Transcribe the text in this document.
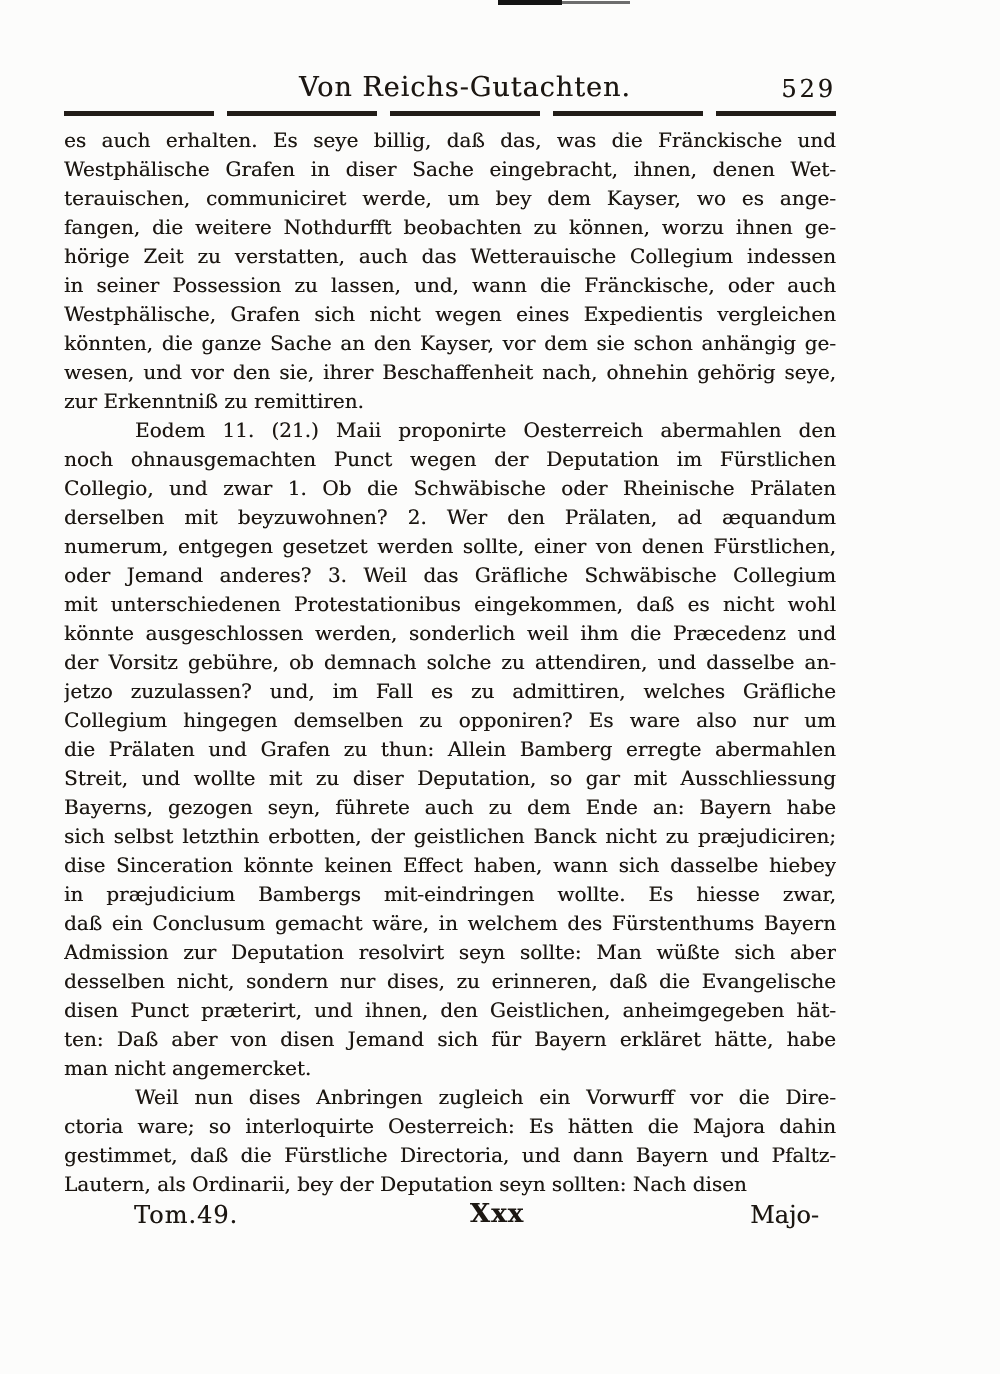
Von Reichs-Gutachten.	529
es auch erhalten. Es seye billig, daß das, was die Fränckische und
Westphälische Grafen in diser Sache eingebracht, ihnen, denen Wet-
terauischen, communiciret werde, um bey dem Kayser, wo es ange-
fangen, die weitere Nothdurfft beobachten zu können, worzu ihnen ge-
hörige Zeit zu verstatten, auch das Wetterauische Collegium indessen
in seiner Possession zu lassen, und, wann die Fränckische, oder auch
Westphälische, Grafen sich nicht wegen eines Expedientis vergleichen
könnten, die ganze Sache an den Kayser, vor dem sie schon anhängig ge-
wesen, und vor den sie, ihrer Beschaffenheit nach, ohnehin gehörig seye,
zur Erkenntniß zu remittiren.
Eodem 11. (21.) Maii proponirte Oesterreich abermahlen den
noch ohnausgemachten Punct wegen der Deputation im Fürstlichen
Collegio, und zwar 1. Ob die Schwäbische oder Rheinische Prälaten
derselben mit beyzuwohnen? 2. Wer den Prälaten, ad æquandum
numerum, entgegen gesetzet werden sollte, einer von denen Fürstlichen,
oder Jemand anderes? 3. Weil das Gräfliche Schwäbische Collegium
mit unterschiedenen Protestationibus eingekommen, daß es nicht wohl
könnte ausgeschlossen werden, sonderlich weil ihm die Præcedenz und
der Vorsitz gebühre, ob demnach solche zu attendiren, und dasselbe an-
jetzo zuzulassen? und, im Fall es zu admittiren, welches Gräfliche
Collegium hingegen demselben zu opponiren? Es ware also nur um
die Prälaten und Grafen zu thun: Allein Bamberg erregte abermahlen
Streit, und wollte mit zu diser Deputation, so gar mit Ausschliessung
Bayerns, gezogen seyn, führete auch zu dem Ende an: Bayern habe
sich selbst letzthin erbotten, der geistlichen Banck nicht zu præjudiciren;
dise Sinceration könnte keinen Effect haben, wann sich dasselbe hiebey
in præjudicium Bambergs mit-eindringen wollte. Es hiesse zwar,
daß ein Conclusum gemacht wäre, in welchem des Fürstenthums Bayern
Admission zur Deputation resolvirt seyn sollte: Man wüßte sich aber
desselben nicht, sondern nur dises, zu erinneren, daß die Evangelische
disen Punct præterirt, und ihnen, den Geistlichen, anheimgegeben hät-
ten: Daß aber von disen Jemand sich für Bayern erkläret hätte, habe
man nicht angemercket.
Weil nun dises Anbringen zugleich ein Vorwurff vor die Dire-
ctoria ware; so interloquirte Oesterreich: Es hätten die Majora dahin
gestimmet, daß die Fürstliche Directoria, und dann Bayern und Pfaltz-
Lautern, als Ordinarii, bey der Deputation seyn sollten: Nach disen
Tom.49.	Xxx	Majo-
